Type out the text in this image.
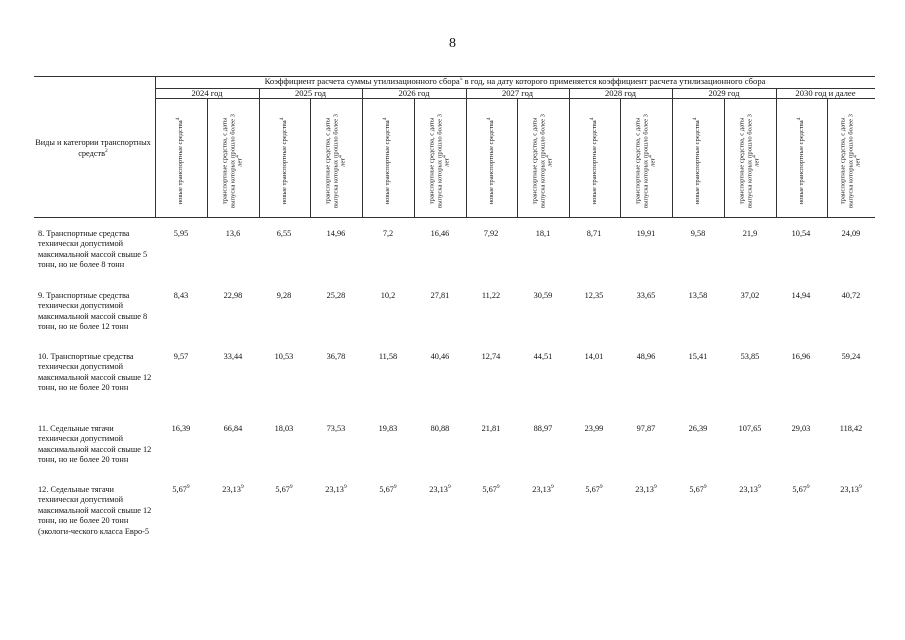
8
Коэффициент расчета суммы утилизационного сбора$^5$ в год, на дату которого применяется коэффициент расчета утилизационного сбора
2024 год	2025 год	2026 год	2027 год	2028 год	2029 год	2030 год и далее
Виды и категории транспортных средств$^2$	новые транспортные средства$^4$	транспортные средства, с даты выпуска которых прошло более 3 лет$^4$	новые транспортные средства$^4$	транспортные средства, с даты выпуска которых прошло более 3 лет$^4$	новые транспортные средства$^4$	транспортные средства, с даты выпуска которых прошло более 3 лет$^4$	новые транспортные средства$^4$	транспортные средства, с даты выпуска которых прошло более 3 лет$^4$	новые транспортные средства$^4$	транспортные средства, с даты выпуска которых прошло более 3 лет$^4$	новые транспортные средства$^4$	транспортные средства, с даты выпуска которых прошло более 3 лет$^4$	новые транспортные средства$^4$	транспортные средства, с даты выпуска которых прошло более 3 лет$^4$
8. Транспортные средства технически допустимой максимальной массой свыше 5 тонн, но не более 8 тонн
5,95	13,6	6,55	14,96	7,2	16,46	7,92	18,1	8,71	19,91	9,58	21,9	10,54	24,09
9. Транспортные средства технически допустимой максимальной массой свыше 8 тонн, но не более 12 тонн
8,43	22,98	9,28	25,28	10,2	27,81	11,22	30,59	12,35	33,65	13,58	37,02	14,94	40,72
10. Транспортные средства технически допустимой максимальной массой свыше 12 тонн, но не более 20 тонн
9,57	33,44	10,53	36,78	11,58	40,46	12,74	44,51	14,01	48,96	15,41	53,85	16,96	59,24
11. Седельные тягачи технически допустимой максимальной массой свыше 12 тонн, но не более 20 тонн
16,39	66,84	18,03	73,53	19,83	80,88	21,81	88,97	23,99	97,87	26,39	107,65	29,03	118,42
12. Седельные тягачи технически допустимой максимальной массой свыше 12 тонн, но не более 20 тонн (экологи-ческого класса Евро-5
5,67$^9$	23,13$^9$	5,67$^9$	23,13$^9$	5,67$^9$	23,13$^9$	5,67$^9$	23,13$^9$	5,67$^9$	23,13$^9$	5,67$^9$	23,13$^9$	5,67$^9$	23,13$^9$
